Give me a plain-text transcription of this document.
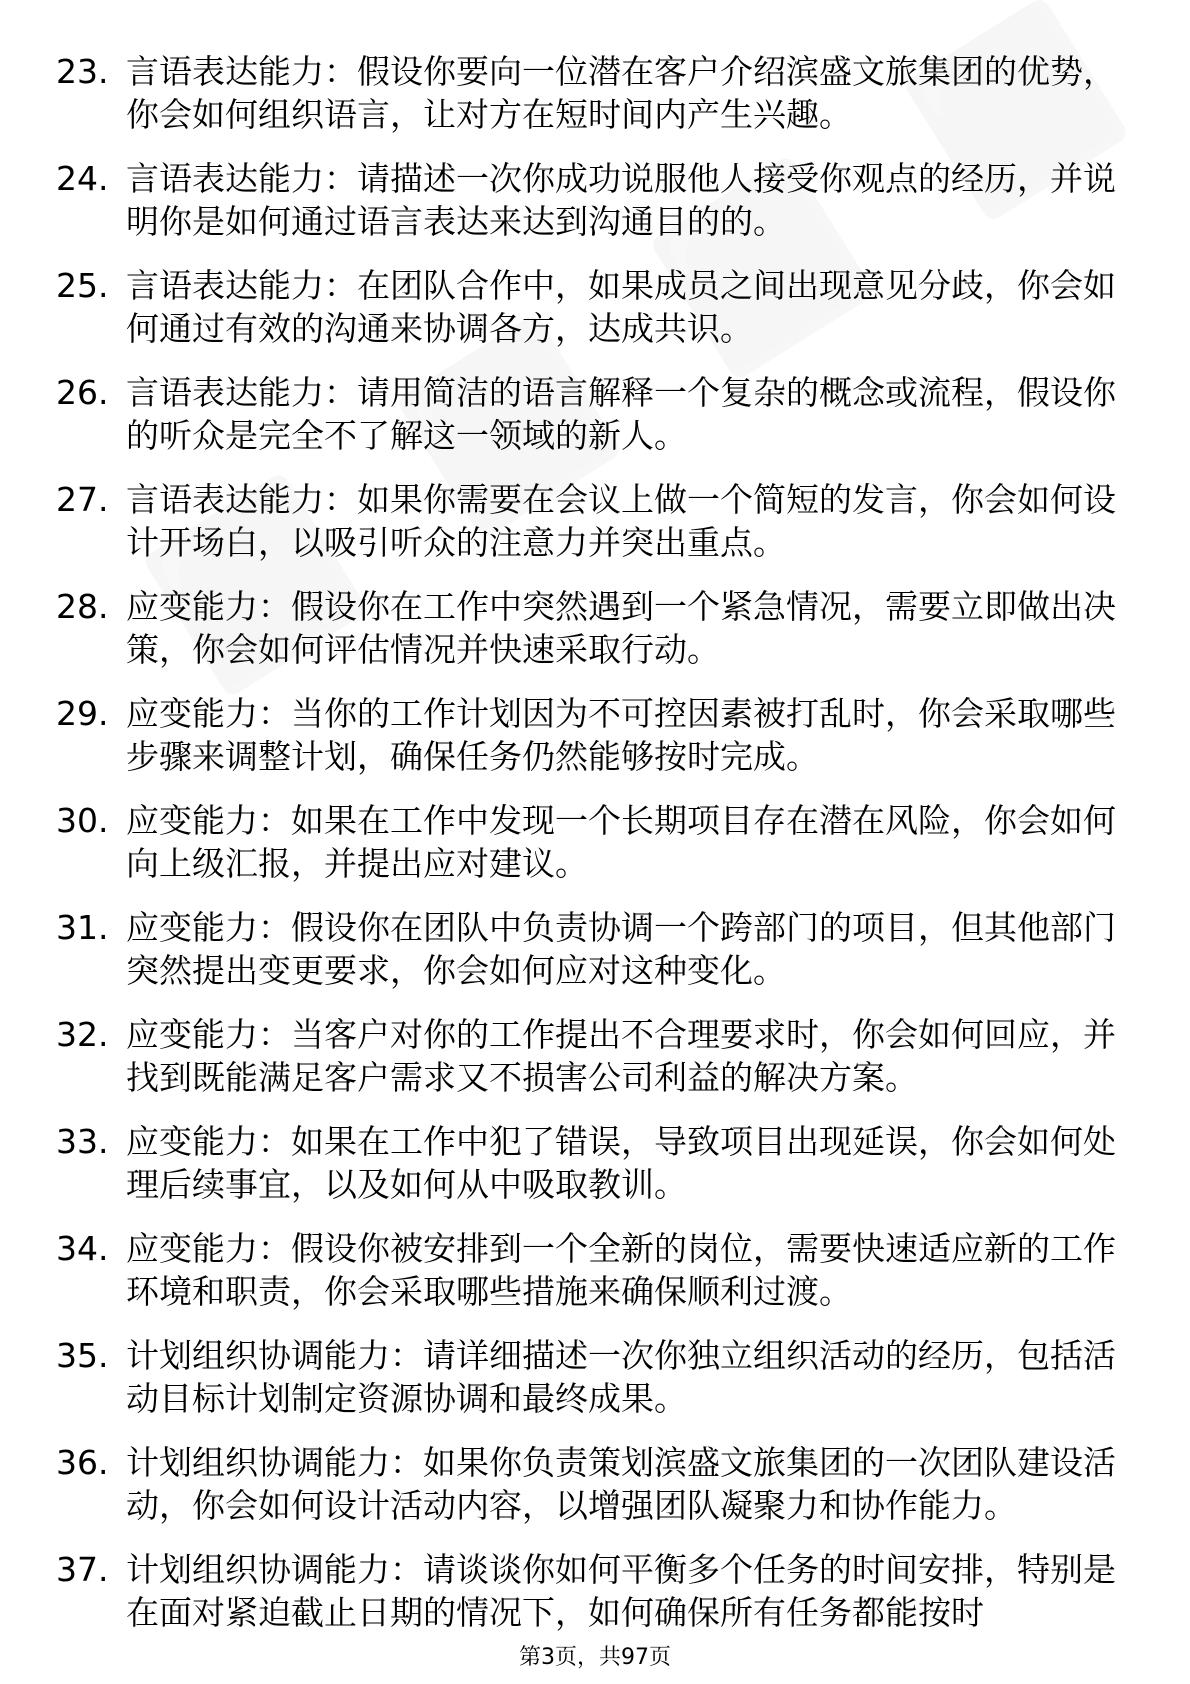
23. 言语表达能力：假设你要向一位潜在客户介绍滨盛文旅集团的优势，你会如何组织语言，让对方在短时间内产生兴趣。
24. 言语表达能力：请描述一次你成功说服他人接受你观点的经历，并说明你是如何通过语言表达来达到沟通目的的。
25. 言语表达能力：在团队合作中，如果成员之间出现意见分歧，你会如何通过有效的沟通来协调各方，达成共识。
26. 言语表达能力：请用简洁的语言解释一个复杂的概念或流程，假设你的听众是完全不了解这一领域的新人。
27. 言语表达能力：如果你需要在会议上做一个简短的发言，你会如何设计开场白，以吸引听众的注意力并突出重点。
28. 应变能力：假设你在工作中突然遇到一个紧急情况，需要立即做出决策，你会如何评估情况并快速采取行动。
29. 应变能力：当你的工作计划因为不可控因素被打乱时，你会采取哪些步骤来调整计划，确保任务仍然能够按时完成。
30. 应变能力：如果在工作中发现一个长期项目存在潜在风险，你会如何向上级汇报，并提出应对建议。
31. 应变能力：假设你在团队中负责协调一个跨部门的项目，但其他部门突然提出变更要求，你会如何应对这种变化。
32. 应变能力：当客户对你的工作提出不合理要求时，你会如何回应，并找到既能满足客户需求又不损害公司利益的解决方案。
33. 应变能力：如果在工作中犯了错误，导致项目出现延误，你会如何处理后续事宜，以及如何从中吸取教训。
34. 应变能力：假设你被安排到一个全新的岗位，需要快速适应新的工作环境和职责，你会采取哪些措施来确保顺利过渡。
35. 计划组织协调能力：请详细描述一次你独立组织活动的经历，包括活动目标计划制定资源协调和最终成果。
36. 计划组织协调能力：如果你负责策划滨盛文旅集团的一次团队建设活动，你会如何设计活动内容，以增强团队凝聚力和协作能力。
37. 计划组织协调能力：请谈谈你如何平衡多个任务的时间安排，特别是在面对紧迫截止日期的情况下，如何确保所有任务都能按时
第3页，共97页
